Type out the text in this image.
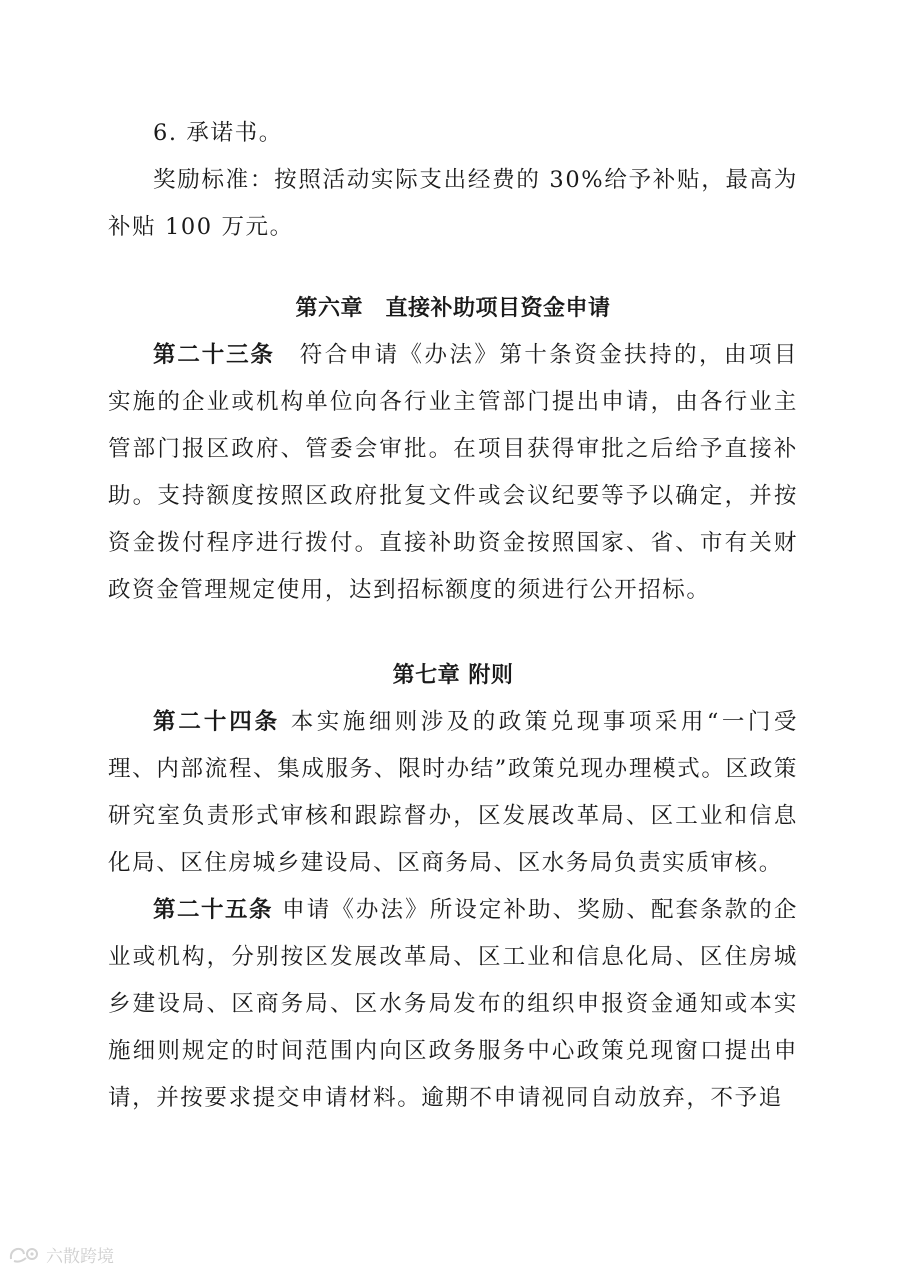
6. 承诺书。

奖励标准：按照活动实际支出经费的 30%给予补贴，最高为补贴 100 万元。

第六章　直接补助项目资金申请

第二十三条　符合申请《办法》第十条资金扶持的，由项目实施的企业或机构单位向各行业主管部门提出申请，由各行业主管部门报区政府、管委会审批。在项目获得审批之后给予直接补助。支持额度按照区政府批复文件或会议纪要等予以确定，并按资金拨付程序进行拨付。直接补助资金按照国家、省、市有关财政资金管理规定使用，达到招标额度的须进行公开招标。

第七章 附则

第二十四条 本实施细则涉及的政策兑现事项采用“一门受理、内部流程、集成服务、限时办结”政策兑现办理模式。区政策研究室负责形式审核和跟踪督办，区发展改革局、区工业和信息化局、区住房城乡建设局、区商务局、区水务局负责实质审核。

第二十五条 申请《办法》所设定补助、奖励、配套条款的企业或机构，分别按区发展改革局、区工业和信息化局、区住房城乡建设局、区商务局、区水务局发布的组织申报资金通知或本实施细则规定的时间范围内向区政务服务中心政策兑现窗口提出申请，并按要求提交申请材料。逾期不申请视同自动放弃，不予追

六散跨境
